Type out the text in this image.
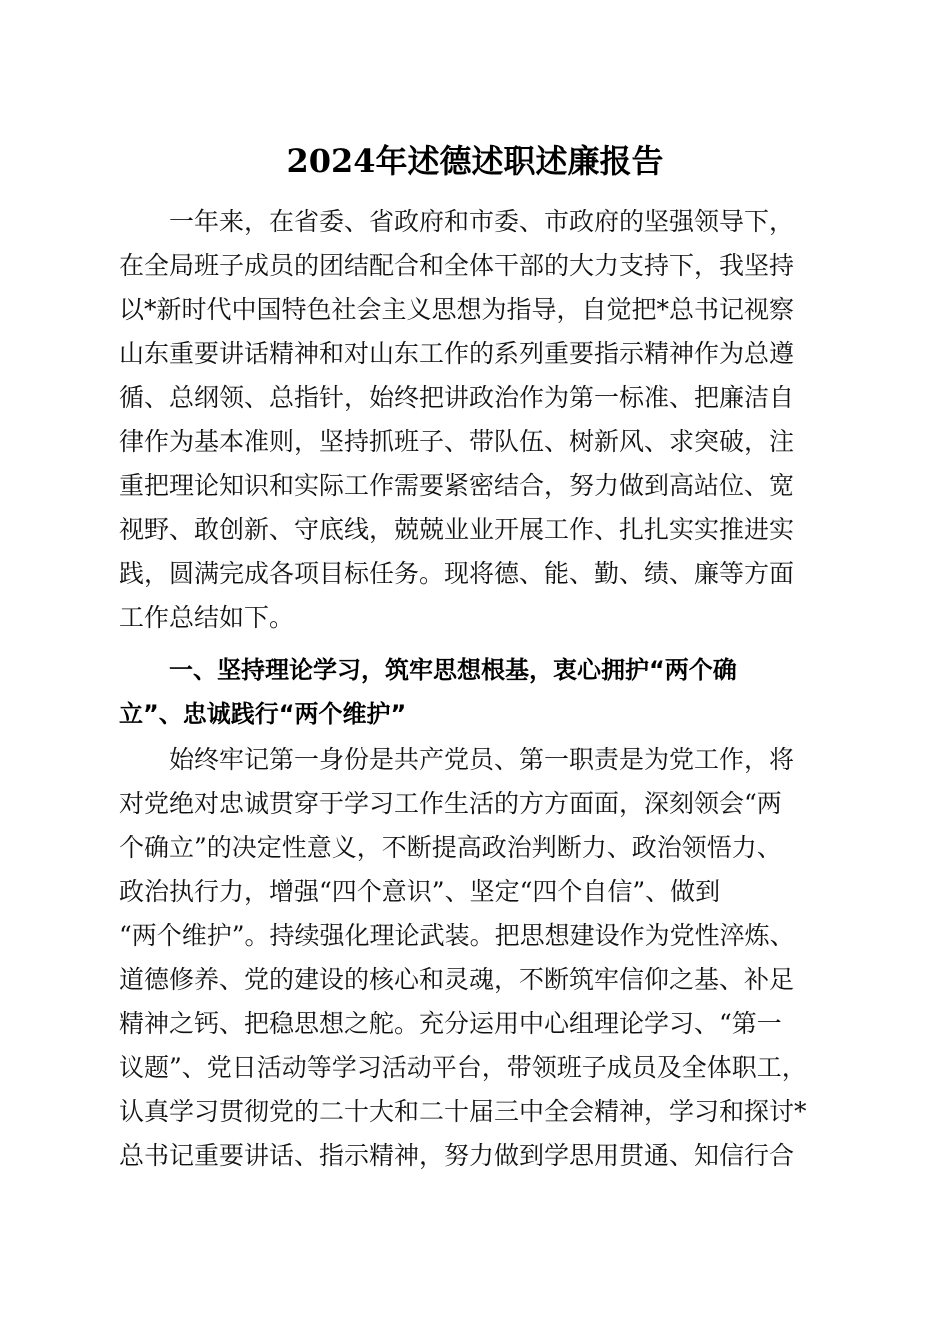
2024年述德述职述廉报告
一年来，在省委、省政府和市委、市政府的坚强领导下，
在全局班子成员的团结配合和全体干部的大力支持下，我坚持
以*新时代中国特色社会主义思想为指导，自觉把*总书记视察
山东重要讲话精神和对山东工作的系列重要指示精神作为总遵
循、总纲领、总指针，始终把讲政治作为第一标准、把廉洁自
律作为基本准则，坚持抓班子、带队伍、树新风、求突破，注
重把理论知识和实际工作需要紧密结合，努力做到高站位、宽
视野、敢创新、守底线，兢兢业业开展工作、扎扎实实推进实
践，圆满完成各项目标任务。现将德、能、勤、绩、廉等方面
工作总结如下。
一、坚持理论学习，筑牢思想根基，衷心拥护“两个确
立”、忠诚践行“两个维护”
始终牢记第一身份是共产党员、第一职责是为党工作，将
对党绝对忠诚贯穿于学习工作生活的方方面面，深刻领会“两
个确立”的决定性意义，不断提高政治判断力、政治领悟力、
政治执行力，增强“四个意识”、坚定“四个自信”、做到
“两个维护”。持续强化理论武装。把思想建设作为党性淬炼、
道德修养、党的建设的核心和灵魂，不断筑牢信仰之基、补足
精神之钙、把稳思想之舵。充分运用中心组理论学习、“第一
议题”、党日活动等学习活动平台，带领班子成员及全体职工，
认真学习贯彻党的二十大和二十届三中全会精神，学习和探讨*
总书记重要讲话、指示精神，努力做到学思用贯通、知信行合
